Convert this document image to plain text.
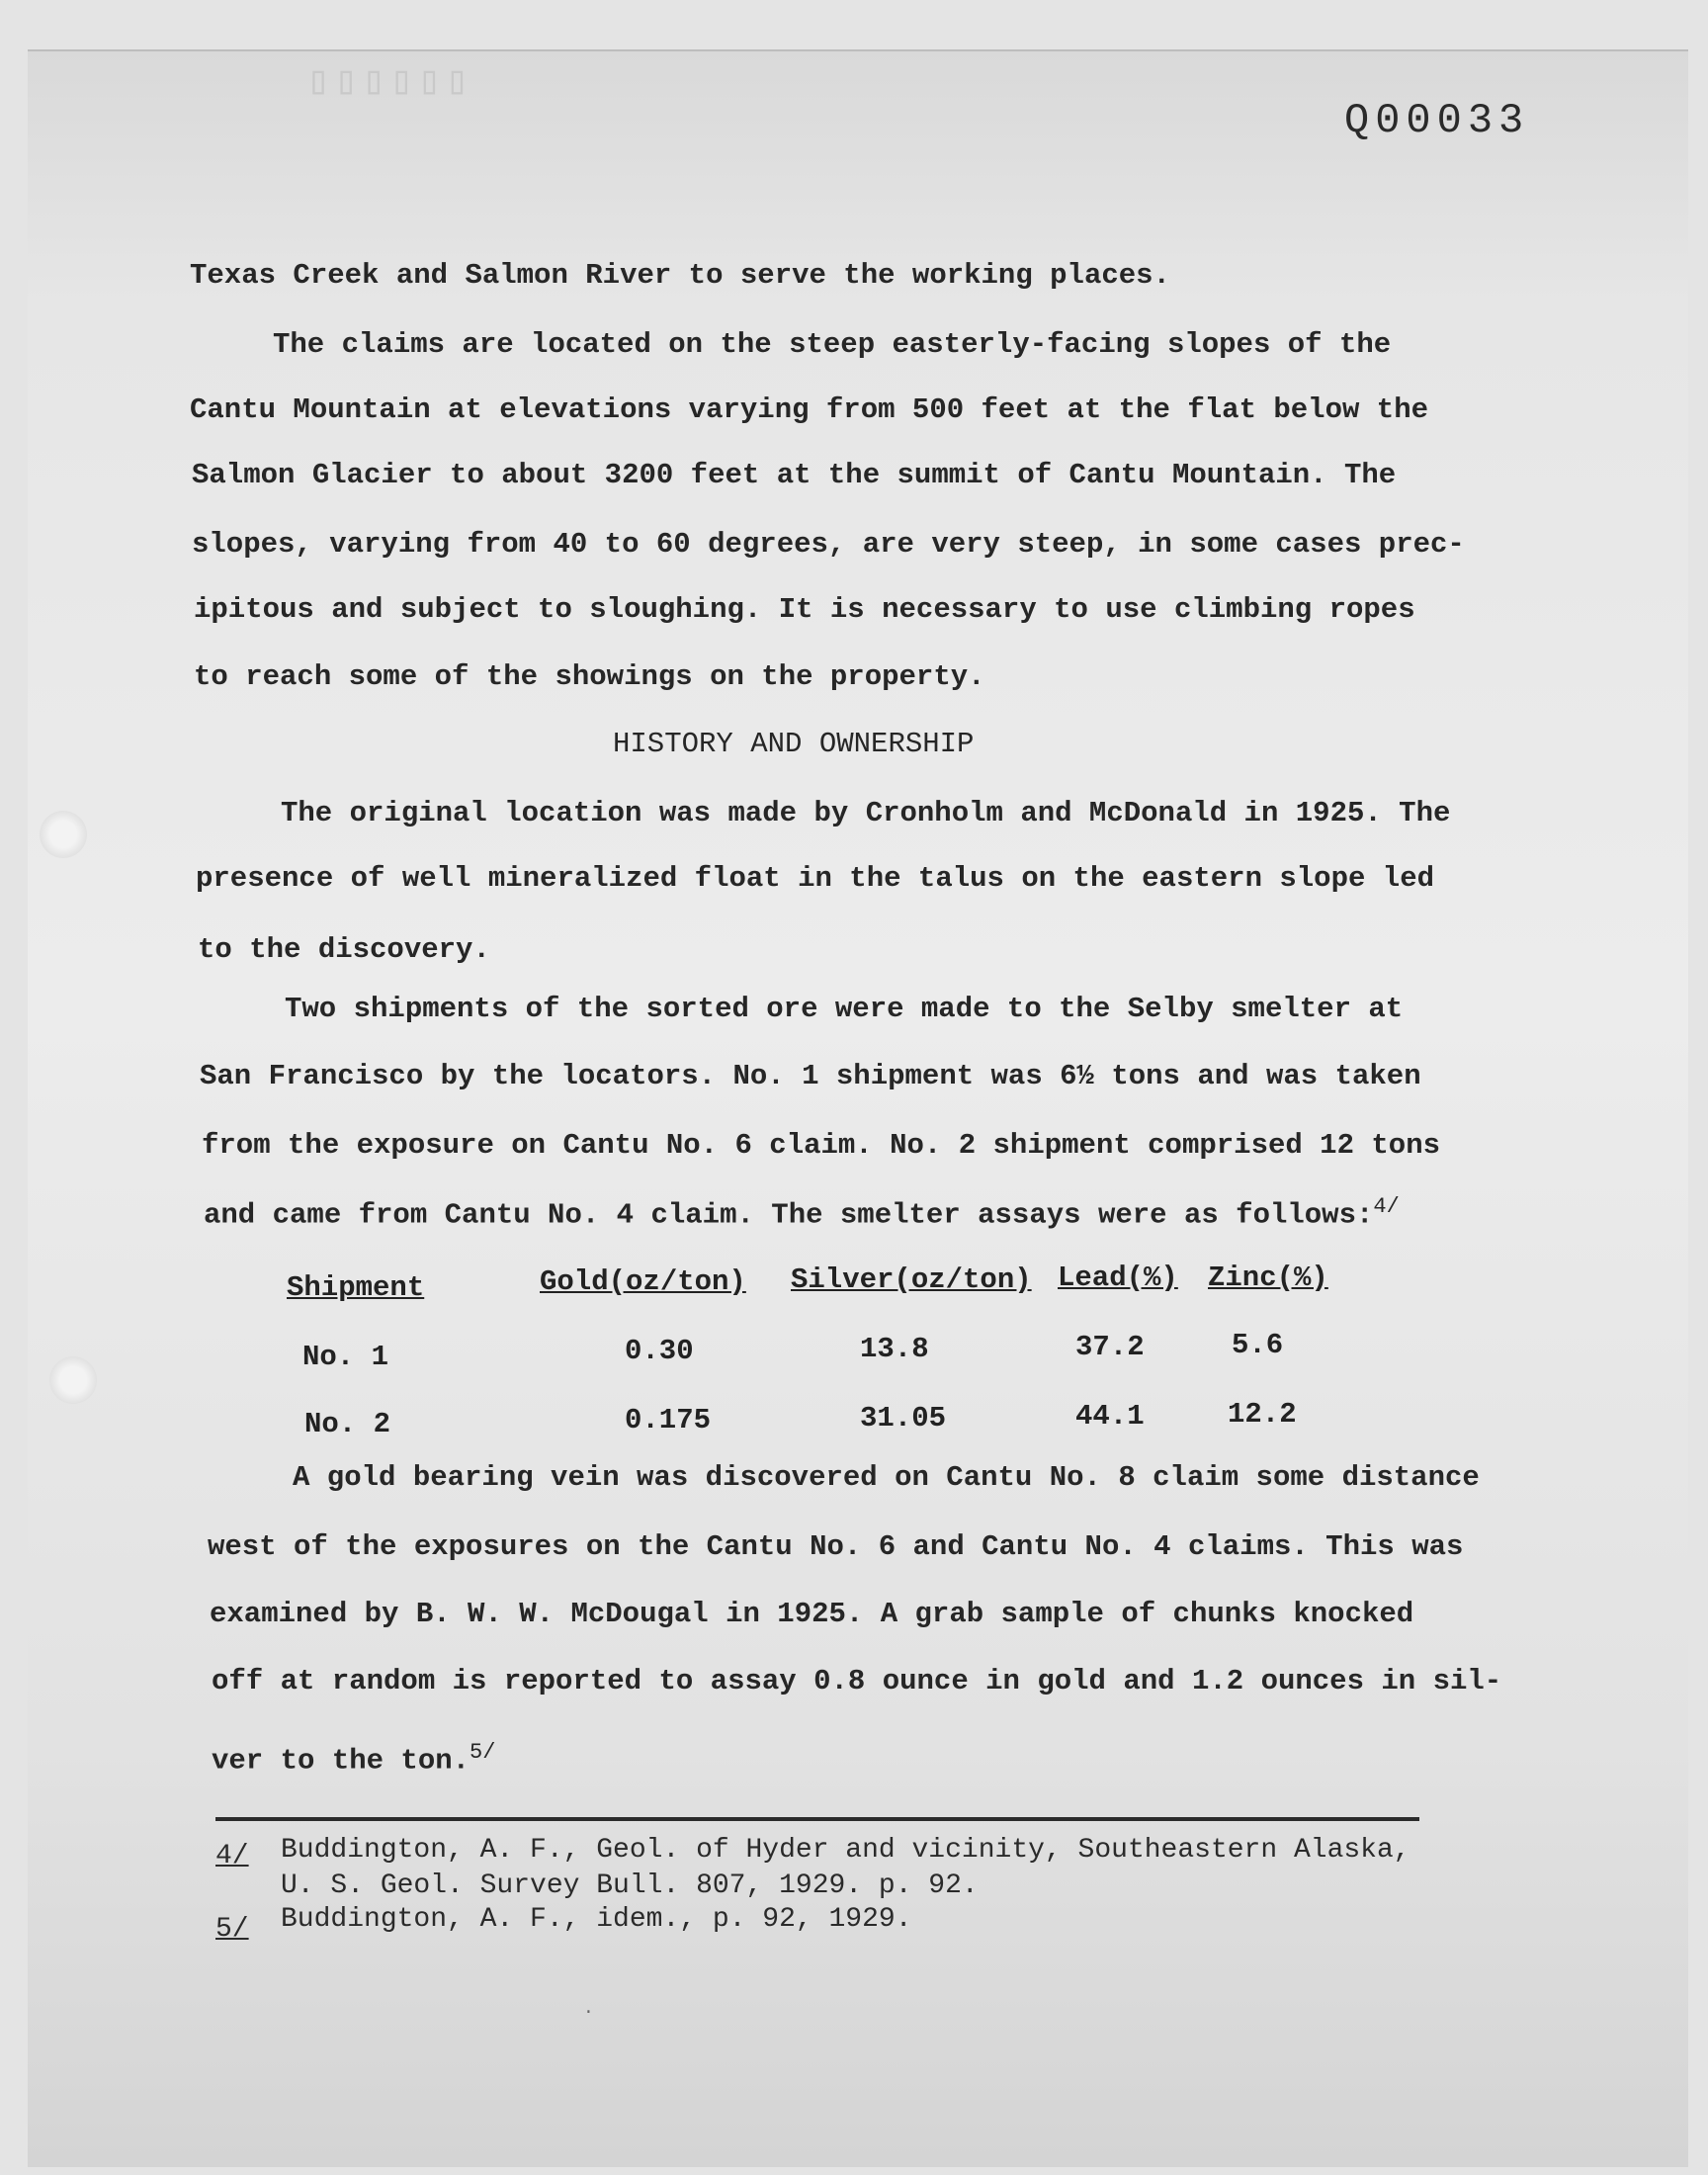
▯▯▯▯▯▯
Q00033
Texas Creek and Salmon River to serve the working places.
The claims are located on the steep easterly-facing slopes of the
Cantu Mountain at elevations varying from 500 feet at the flat below the
Salmon Glacier to about 3200 feet at the summit of Cantu Mountain. The
slopes, varying from 40 to 60 degrees, are very steep, in some cases prec-
ipitous and subject to sloughing. It is necessary to use climbing ropes
to reach some of the showings on the property.
HISTORY AND OWNERSHIP
The original location was made by Cronholm and McDonald in 1925. The
presence of well mineralized float in the talus on the eastern slope led
to the discovery.
Two shipments of the sorted ore were made to the Selby smelter at
San Francisco by the locators. No. 1 shipment was 6½ tons and was taken
from the exposure on Cantu No. 6 claim. No. 2 shipment comprised 12 tons
and came from Cantu No. 4 claim. The smelter assays were as follows:$^{4/}$
Shipment	Gold(oz/ton) Silver(oz/ton) Lead(%) Zinc(%)
No. 1	0.30	13.8	37.2	5.6
No. 2	0.175	31.05	44.1	12.2
A gold bearing vein was discovered on Cantu No. 8 claim some distance
west of the exposures on the Cantu No. 6 and Cantu No. 4 claims. This was
examined by B. W. W. McDougal in 1925. A grab sample of chunks knocked
off at random is reported to assay 0.8 ounce in gold and 1.2 ounces in sil-
ver to the ton.$^{5/}$
4/ Buddington, A. F., Geol. of Hyder and vicinity, Southeastern Alaska,
U. S. Geol. Survey Bull. 807, 1929. p. 92.
5/ Buddington, A. F., idem., p. 92, 1929.
·
